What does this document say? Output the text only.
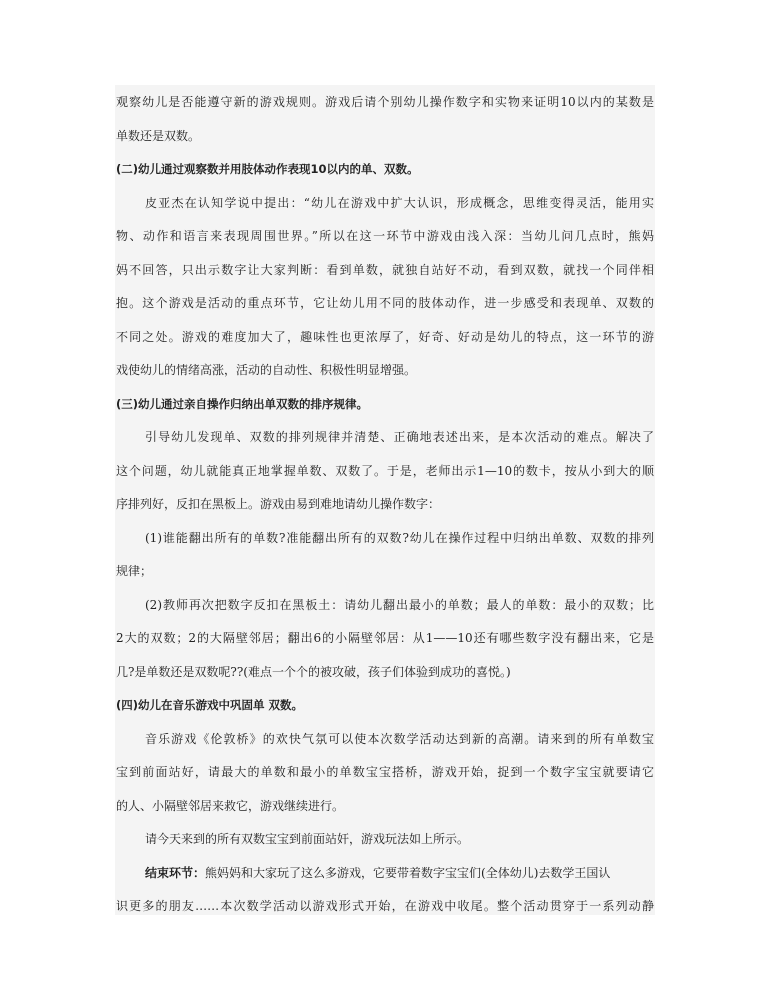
观察幼儿是否能遵守新的游戏规则。游戏后请个别幼儿操作数字和实物来证明10以内的某数是
单数还是双数。
(二)幼儿通过观察数并用肢体动作表现10以内的单、双数。
皮亚杰在认知学说中提出：“幼儿在游戏中扩大认识，形成概念，思维变得灵活，能用实
物、动作和语言来表现周围世界。”所以在这一环节中游戏由浅入深：当幼儿问几点时，熊妈
妈不回答，只出示数字让大家判断：看到单数，就独自站好不动，看到双数，就找一个同伴相
抱。这个游戏是活动的重点环节，它让幼儿用不同的肢体动作，进一步感受和表现单、双数的
不同之处。游戏的难度加大了，趣味性也更浓厚了，好奇、好动是幼儿的特点，这一环节的游
戏使幼儿的情绪高涨，活动的自动性、积极性明显增强。
(三)幼儿通过亲自操作归纳出单双数的排序规律。
引导幼儿发现单、双数的排列规律并清楚、正确地表述出来，是本次活动的难点。解决了
这个问题，幼儿就能真正地掌握单数、双数了。于是，老师出示1—10的数卡，按从小到大的顺
序排列好，反扣在黑板上。游戏由易到难地请幼儿操作数字：
(1)谁能翻出所有的单数?准能翻出所有的双数?幼儿在操作过程中归纳出单数、双数的排列
规律；
(2)教师再次把数字反扣在黑板土：请幼儿翻出最小的单数；最人的单数：最小的双数；比
2大的双数；2的大隔壁邻居；翻出6的小隔壁邻居：从1——10还有哪些数字没有翻出来，它是
几?是单数还是双数呢??(难点一个个的被攻破，孩子们体验到成功的喜悦。)
(四)幼儿在音乐游戏中巩固单 双数。
音乐游戏《伦敦桥》的欢快气氛可以使本次数学活动达到新的高潮。请来到的所有单数宝
宝到前面站好，请最大的单数和最小的单数宝宝搭桥，游戏开始，捉到一个数字宝宝就要请它
的人、小隔壁邻居来救它，游戏继续进行。
请今天来到的所有双数宝宝到前面站奸，游戏玩法如上所示。
结束环节：熊妈妈和大家玩了这么多游戏，它要带着数字宝宝们(全体幼儿)去数学王国认
识更多的朋友……本次数学活动以游戏形式开始，在游戏中收尾。整个活动贯穿于一系列动静
